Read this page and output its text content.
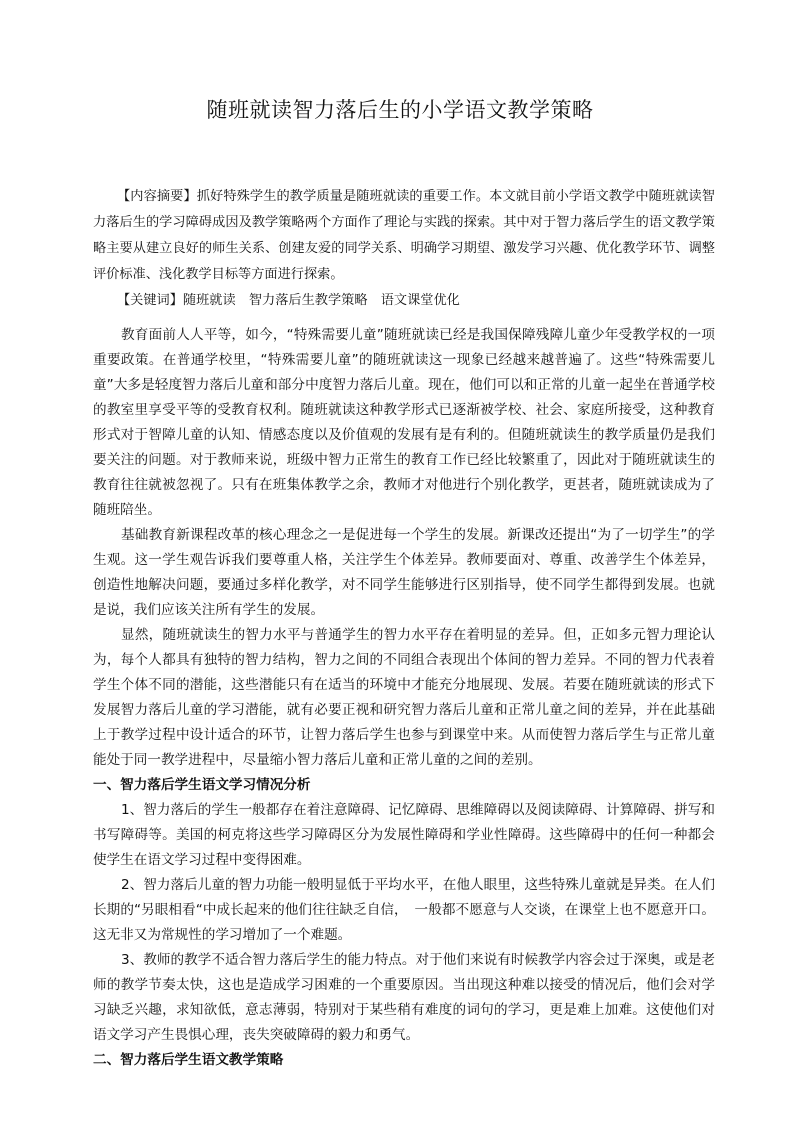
随班就读智力落后生的小学语文教学策略

【内容摘要】抓好特殊学生的教学质量是随班就读的重要工作。本文就目前小学语文教学中随班就读智力落后生的学习障碍成因及教学策略两个方面作了理论与实践的探索。其中对于智力落后学生的语文教学策略主要从建立良好的师生关系、创建友爱的同学关系、明确学习期望、激发学习兴趣、优化教学环节、调整评价标准、浅化教学目标等方面进行探索。

【关键词】随班就读　智力落后生教学策略　语文课堂优化

教育面前人人平等，如今，“特殊需要儿童”随班就读已经是我国保障残障儿童少年受教学权的一项重要政策。在普通学校里，“特殊需要儿童”的随班就读这一现象已经越来越普遍了。这些“特殊需要儿童”大多是轻度智力落后儿童和部分中度智力落后儿童。现在，他们可以和正常的儿童一起坐在普通学校的教室里享受平等的受教育权利。随班就读这种教学形式已逐渐被学校、社会、家庭所接受，这种教育形式对于智障儿童的认知、情感态度以及价值观的发展有是有利的。但随班就读生的教学质量仍是我们要关注的问题。对于教师来说，班级中智力正常生的教育工作已经比较繁重了，因此对于随班就读生的教育往往就被忽视了。只有在班集体教学之余，教师才对他进行个别化教学，更甚者，随班就读成为了随班陪坐。

基础教育新课程改革的核心理念之一是促进每一个学生的发展。新课改还提出“为了一切学生”的学生观。这一学生观告诉我们要尊重人格，关注学生个体差异。教师要面对、尊重、改善学生个体差异，创造性地解决问题，要通过多样化教学，对不同学生能够进行区别指导，使不同学生都得到发展。也就是说，我们应该关注所有学生的发展。

显然，随班就读生的智力水平与普通学生的智力水平存在着明显的差异。但，正如多元智力理论认为，每个人都具有独特的智力结构，智力之间的不同组合表现出个体间的智力差异。不同的智力代表着学生个体不同的潜能，这些潜能只有在适当的环境中才能充分地展现、发展。若要在随班就读的形式下发展智力落后儿童的学习潜能，就有必要正视和研究智力落后儿童和正常儿童之间的差异，并在此基础上于教学过程中设计适合的环节，让智力落后学生也参与到课堂中来。从而使智力落后学生与正常儿童能处于同一教学进程中，尽量缩小智力落后儿童和正常儿童的之间的差别。

一、智力落后学生语文学习情况分析

1、智力落后的学生一般都存在着注意障碍、记忆障碍、思维障碍以及阅读障碍、计算障碍、拼写和书写障碍等。美国的柯克将这些学习障碍区分为发展性障碍和学业性障碍。这些障碍中的任何一种都会使学生在语文学习过程中变得困难。

2、智力落后儿童的智力功能一般明显低于平均水平，在他人眼里，这些特殊儿童就是异类。在人们长期的“另眼相看“中成长起来的他们往往缺乏自信，　一般都不愿意与人交谈，在课堂上也不愿意开口。这无非又为常规性的学习增加了一个难题。

3、教师的教学不适合智力落后学生的能力特点。对于他们来说有时候教学内容会过于深奥，或是老师的教学节奏太快，这也是造成学习困难的一个重要原因。当出现这种难以接受的情况后，他们会对学习缺乏兴趣，求知欲低，意志薄弱，特别对于某些稍有难度的词句的学习，更是难上加难。这使他们对语文学习产生畏惧心理，丧失突破障碍的毅力和勇气。

二、智力落后学生语文教学策略
